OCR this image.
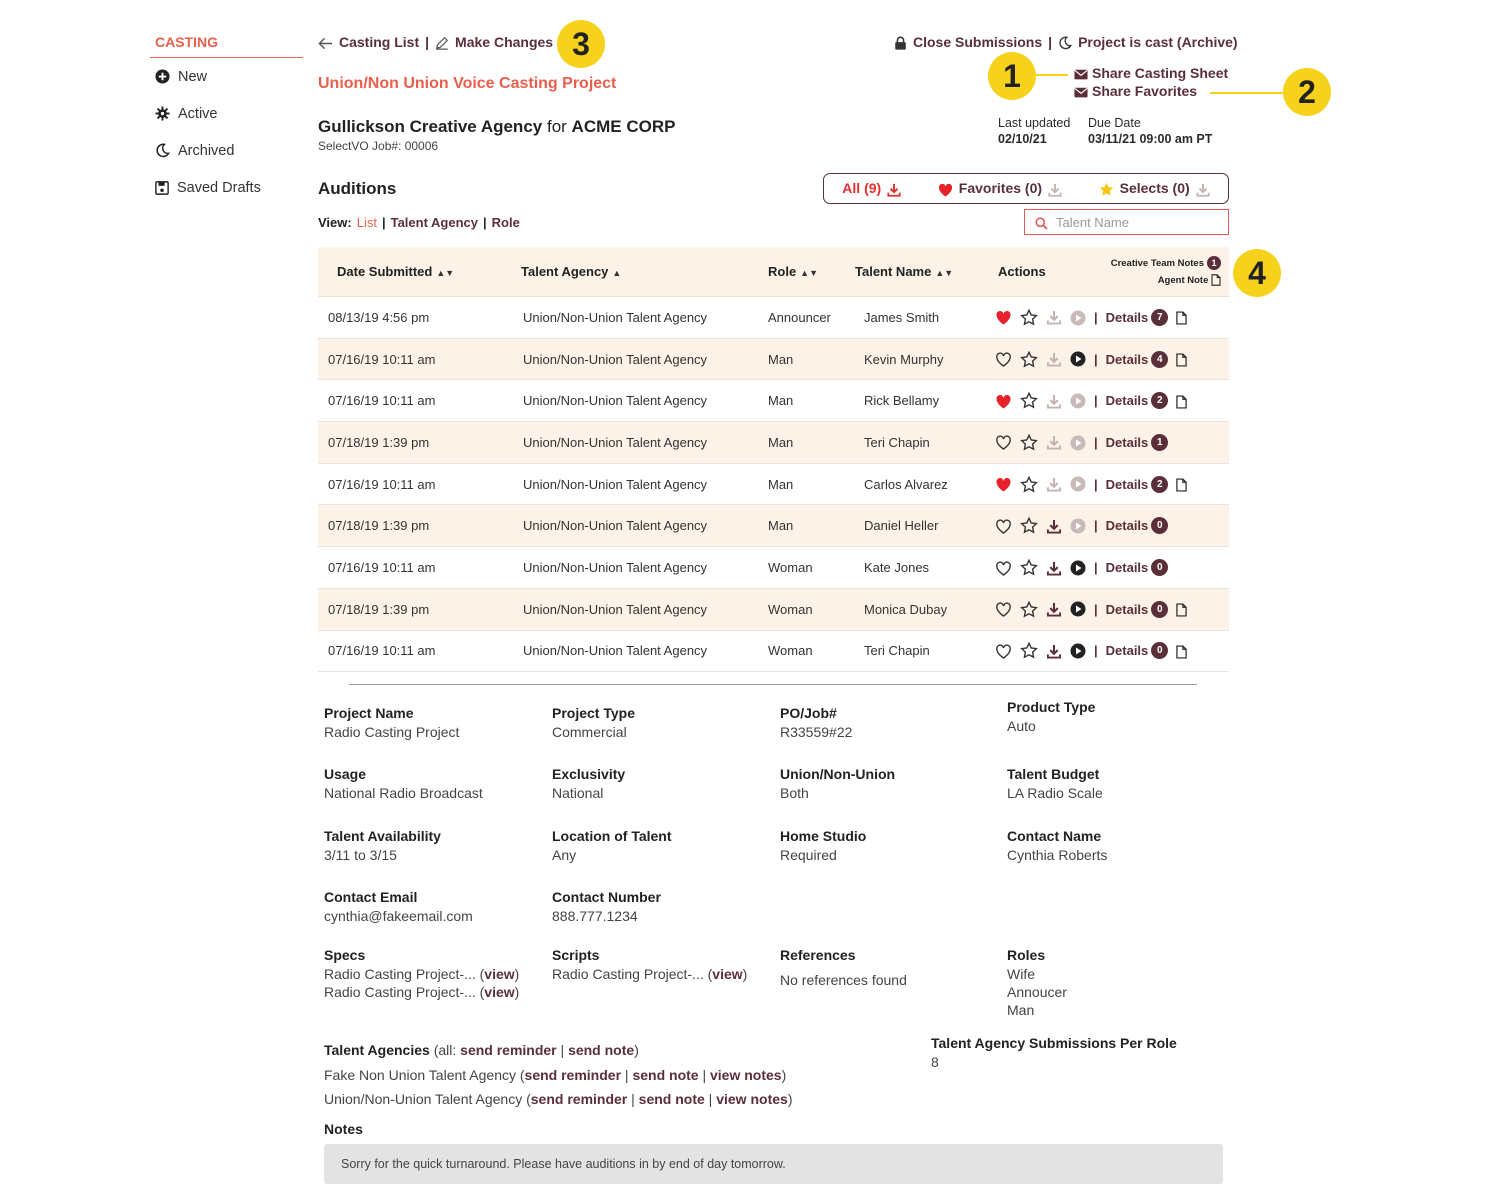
CASTING
New
Active
Archived
Saved Drafts
Casting List | Make Changes 3	Close Submissions | Project is cast (Archive)
1	Share Casting Sheet
Share Favorites	2
Union/Non Union Voice Casting Project
Gullickson Creative Agency for ACME CORP
SelectVO Job#: 00006
Last updated
02/10/21
Due Date
03/11/21 09:00 am PT
Auditions	All (9)	Favorites (0)	Selects (0)
View: List | Talent Agency | Role
Talent Name
Date Submitted ▲▼	Talent Agency ▲	Role ▲▼	Talent Name ▲▼	Actions
Creative Team Notes 1
Agent Note
08/13/19 4:56 pm	Union/Non-Union Talent Agency	Announcer	James Smith	| Details 7
07/16/19 10:11 am	Union/Non-Union Talent Agency	Man	Kevin Murphy	| Details 4
07/16/19 10:11 am	Union/Non-Union Talent Agency	Man	Rick Bellamy	| Details 2
07/18/19 1:39 pm	Union/Non-Union Talent Agency	Man	Teri Chapin	| Details 1
07/16/19 10:11 am	Union/Non-Union Talent Agency	Man	Carlos Alvarez	| Details 2
07/18/19 1:39 pm	Union/Non-Union Talent Agency	Man	Daniel Heller	| Details 0
07/16/19 10:11 am	Union/Non-Union Talent Agency	Woman	Kate Jones	| Details 0
07/18/19 1:39 pm	Union/Non-Union Talent Agency	Woman	Monica Dubay	| Details 0
07/16/19 10:11 am	Union/Non-Union Talent Agency	Woman	Teri Chapin	| Details 0
4
Project Name
Radio Casting Project
Project Type
Commercial
PO/Job#
R33559#22
Product Type
Auto
Usage
National Radio Broadcast
Exclusivity
National
Union/Non-Union
Both
Talent Budget
LA Radio Scale
Talent Availability
3/11 to 3/15
Location of Talent
Any
Home Studio
Required
Contact Name
Cynthia Roberts
Contact Email
cynthia@fakeemail.com
Contact Number
888.777.1234
Specs
Radio Casting Project-... (view)
Radio Casting Project-... (view)
Scripts
Radio Casting Project-... (view)
References
No references found
Roles
Wife
Annoucer
Man
Talent Agencies (all: send reminder | send note)
Fake Non Union Talent Agency (send reminder | send note | view notes)
Union/Non-Union Talent Agency (send reminder | send note | view notes)
Talent Agency Submissions Per Role
8
Notes
Sorry for the quick turnaround. Please have auditions in by end of day tomorrow.
